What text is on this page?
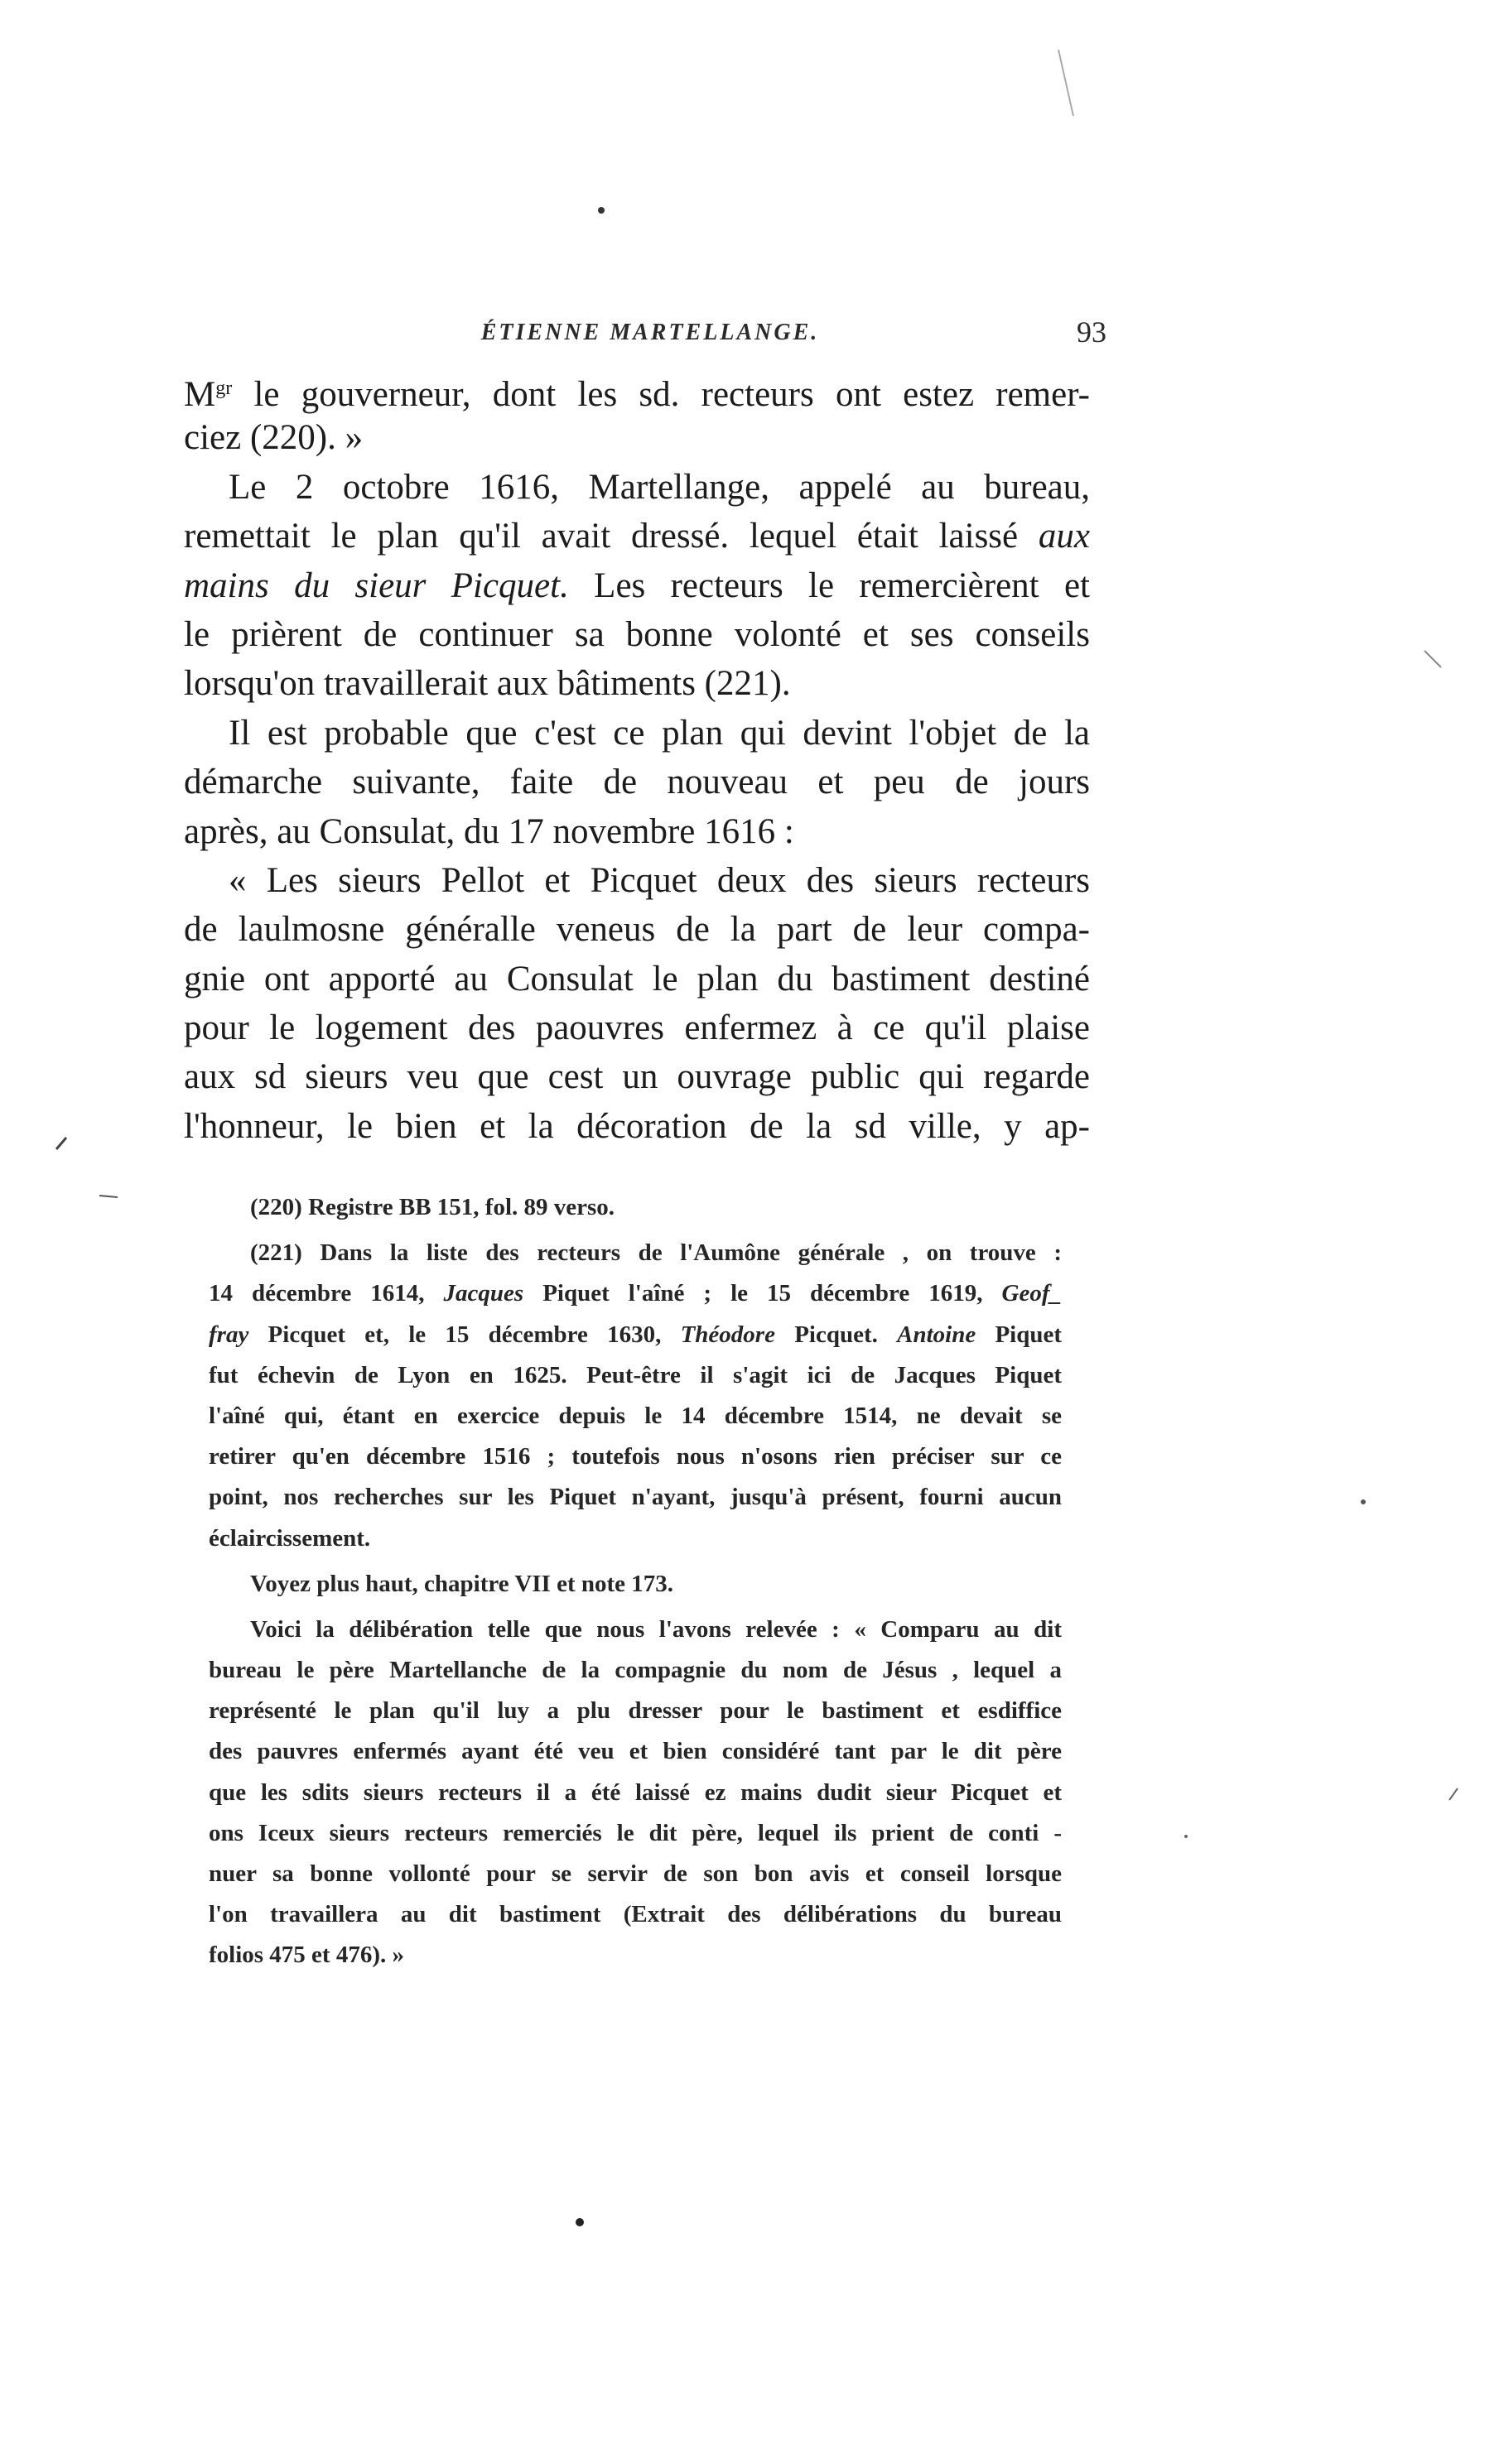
ÉTIENNE MARTELLANGE.	93
$M^{gr}$ le gouverneur, dont les sd. recteurs ont estez remer-
ciez (220). »
Le 2 octobre 1616, Martellange, appelé au bureau,
remettait le plan qu'il avait dressé. lequel était laissé aux
mains du sieur Picquet. Les recteurs le remercièrent et
le prièrent de continuer sa bonne volonté et ses conseils
lorsqu'on travaillerait aux bâtiments (221).
Il est probable que c'est ce plan qui devint l'objet de la
démarche suivante, faite de nouveau et peu de jours
après, au Consulat, du 17 novembre 1616 :
« Les sieurs Pellot et Picquet deux des sieurs recteurs
de laulmosne généralle veneus de la part de leur compa-
gnie ont apporté au Consulat le plan du bastiment destiné
pour le logement des paouvres enfermez à ce qu'il plaise
aux sd sieurs veu que cest un ouvrage public qui regarde
l'honneur, le bien et la décoration de la sd ville, y ap-
(220) Registre BB 151, fol. 89 verso.
(221) Dans la liste des recteurs de l'Aumône générale , on trouve :
14 décembre 1614, Jacques Piquet l'aîné ; le 15 décembre 1619, Geof_
fray Picquet et, le 15 décembre 1630, Théodore Picquet. Antoine Piquet
fut échevin de Lyon en 1625. Peut-être il s'agit ici de Jacques Piquet
l'aîné qui, étant en exercice depuis le 14 décembre 1514, ne devait se
retirer qu'en décembre 1516 ; toutefois nous n'osons rien préciser sur ce
point, nos recherches sur les Piquet n'ayant, jusqu'à présent, fourni aucun
éclaircissement.
Voyez plus haut, chapitre VII et note 173.
Voici la délibération telle que nous l'avons relevée : « Comparu au dit
bureau le père Martellanche de la compagnie du nom de Jésus , lequel a
représenté le plan qu'il luy a plu dresser pour le bastiment et esdiffice
des pauvres enfermés ayant été veu et bien considéré tant par le dit père
que les sdits sieurs recteurs il a été laissé ez mains dudit sieur Picquet et
ons Iceux sieurs recteurs remerciés le dit père, lequel ils prient de conti -
nuer sa bonne vollonté pour se servir de son bon avis et conseil lorsque
l'on travaillera au dit bastiment (Extrait des délibérations du bureau
folios 475 et 476). »
